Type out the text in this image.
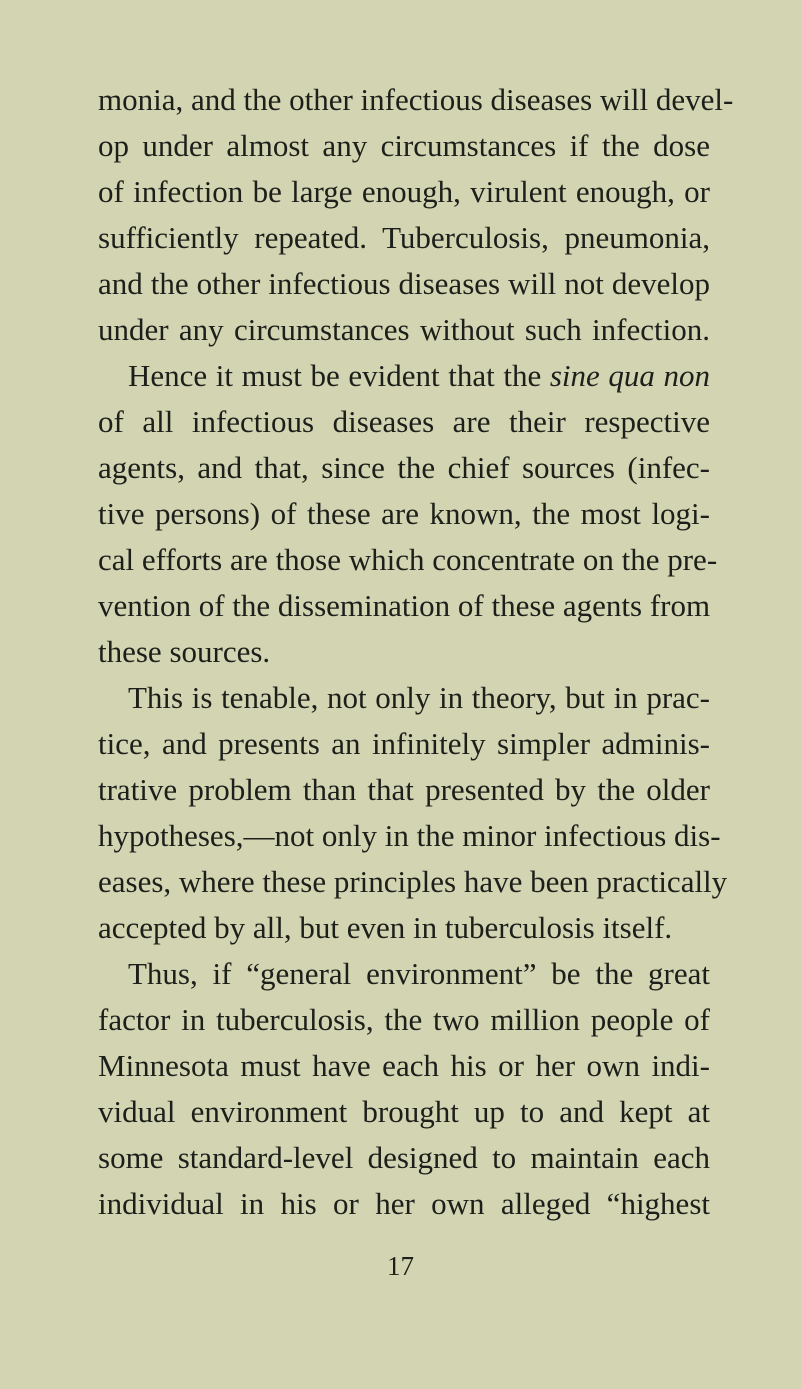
monia, and the other infectious diseases will devel-
op under almost any circumstances if the dose
of infection be large enough, virulent enough, or
sufficiently repeated. Tuberculosis, pneumonia,
and the other infectious diseases will not develop
under any circumstances without such infection.
Hence it must be evident that the sine qua non
of all infectious diseases are their respective
agents, and that, since the chief sources (infec-
tive persons) of these are known, the most logi-
cal efforts are those which concentrate on the pre-
vention of the dissemination of these agents from
these sources.
This is tenable, not only in theory, but in prac-
tice, and presents an infinitely simpler adminis-
trative problem than that presented by the older
hypotheses,—not only in the minor infectious dis-
eases, where these principles have been practically
accepted by all, but even in tuberculosis itself.
Thus, if “general environment” be the great
factor in tuberculosis, the two million people of
Minnesota must have each his or her own indi-
vidual environment brought up to and kept at
some standard-level designed to maintain each
individual in his or her own alleged “highest
17
